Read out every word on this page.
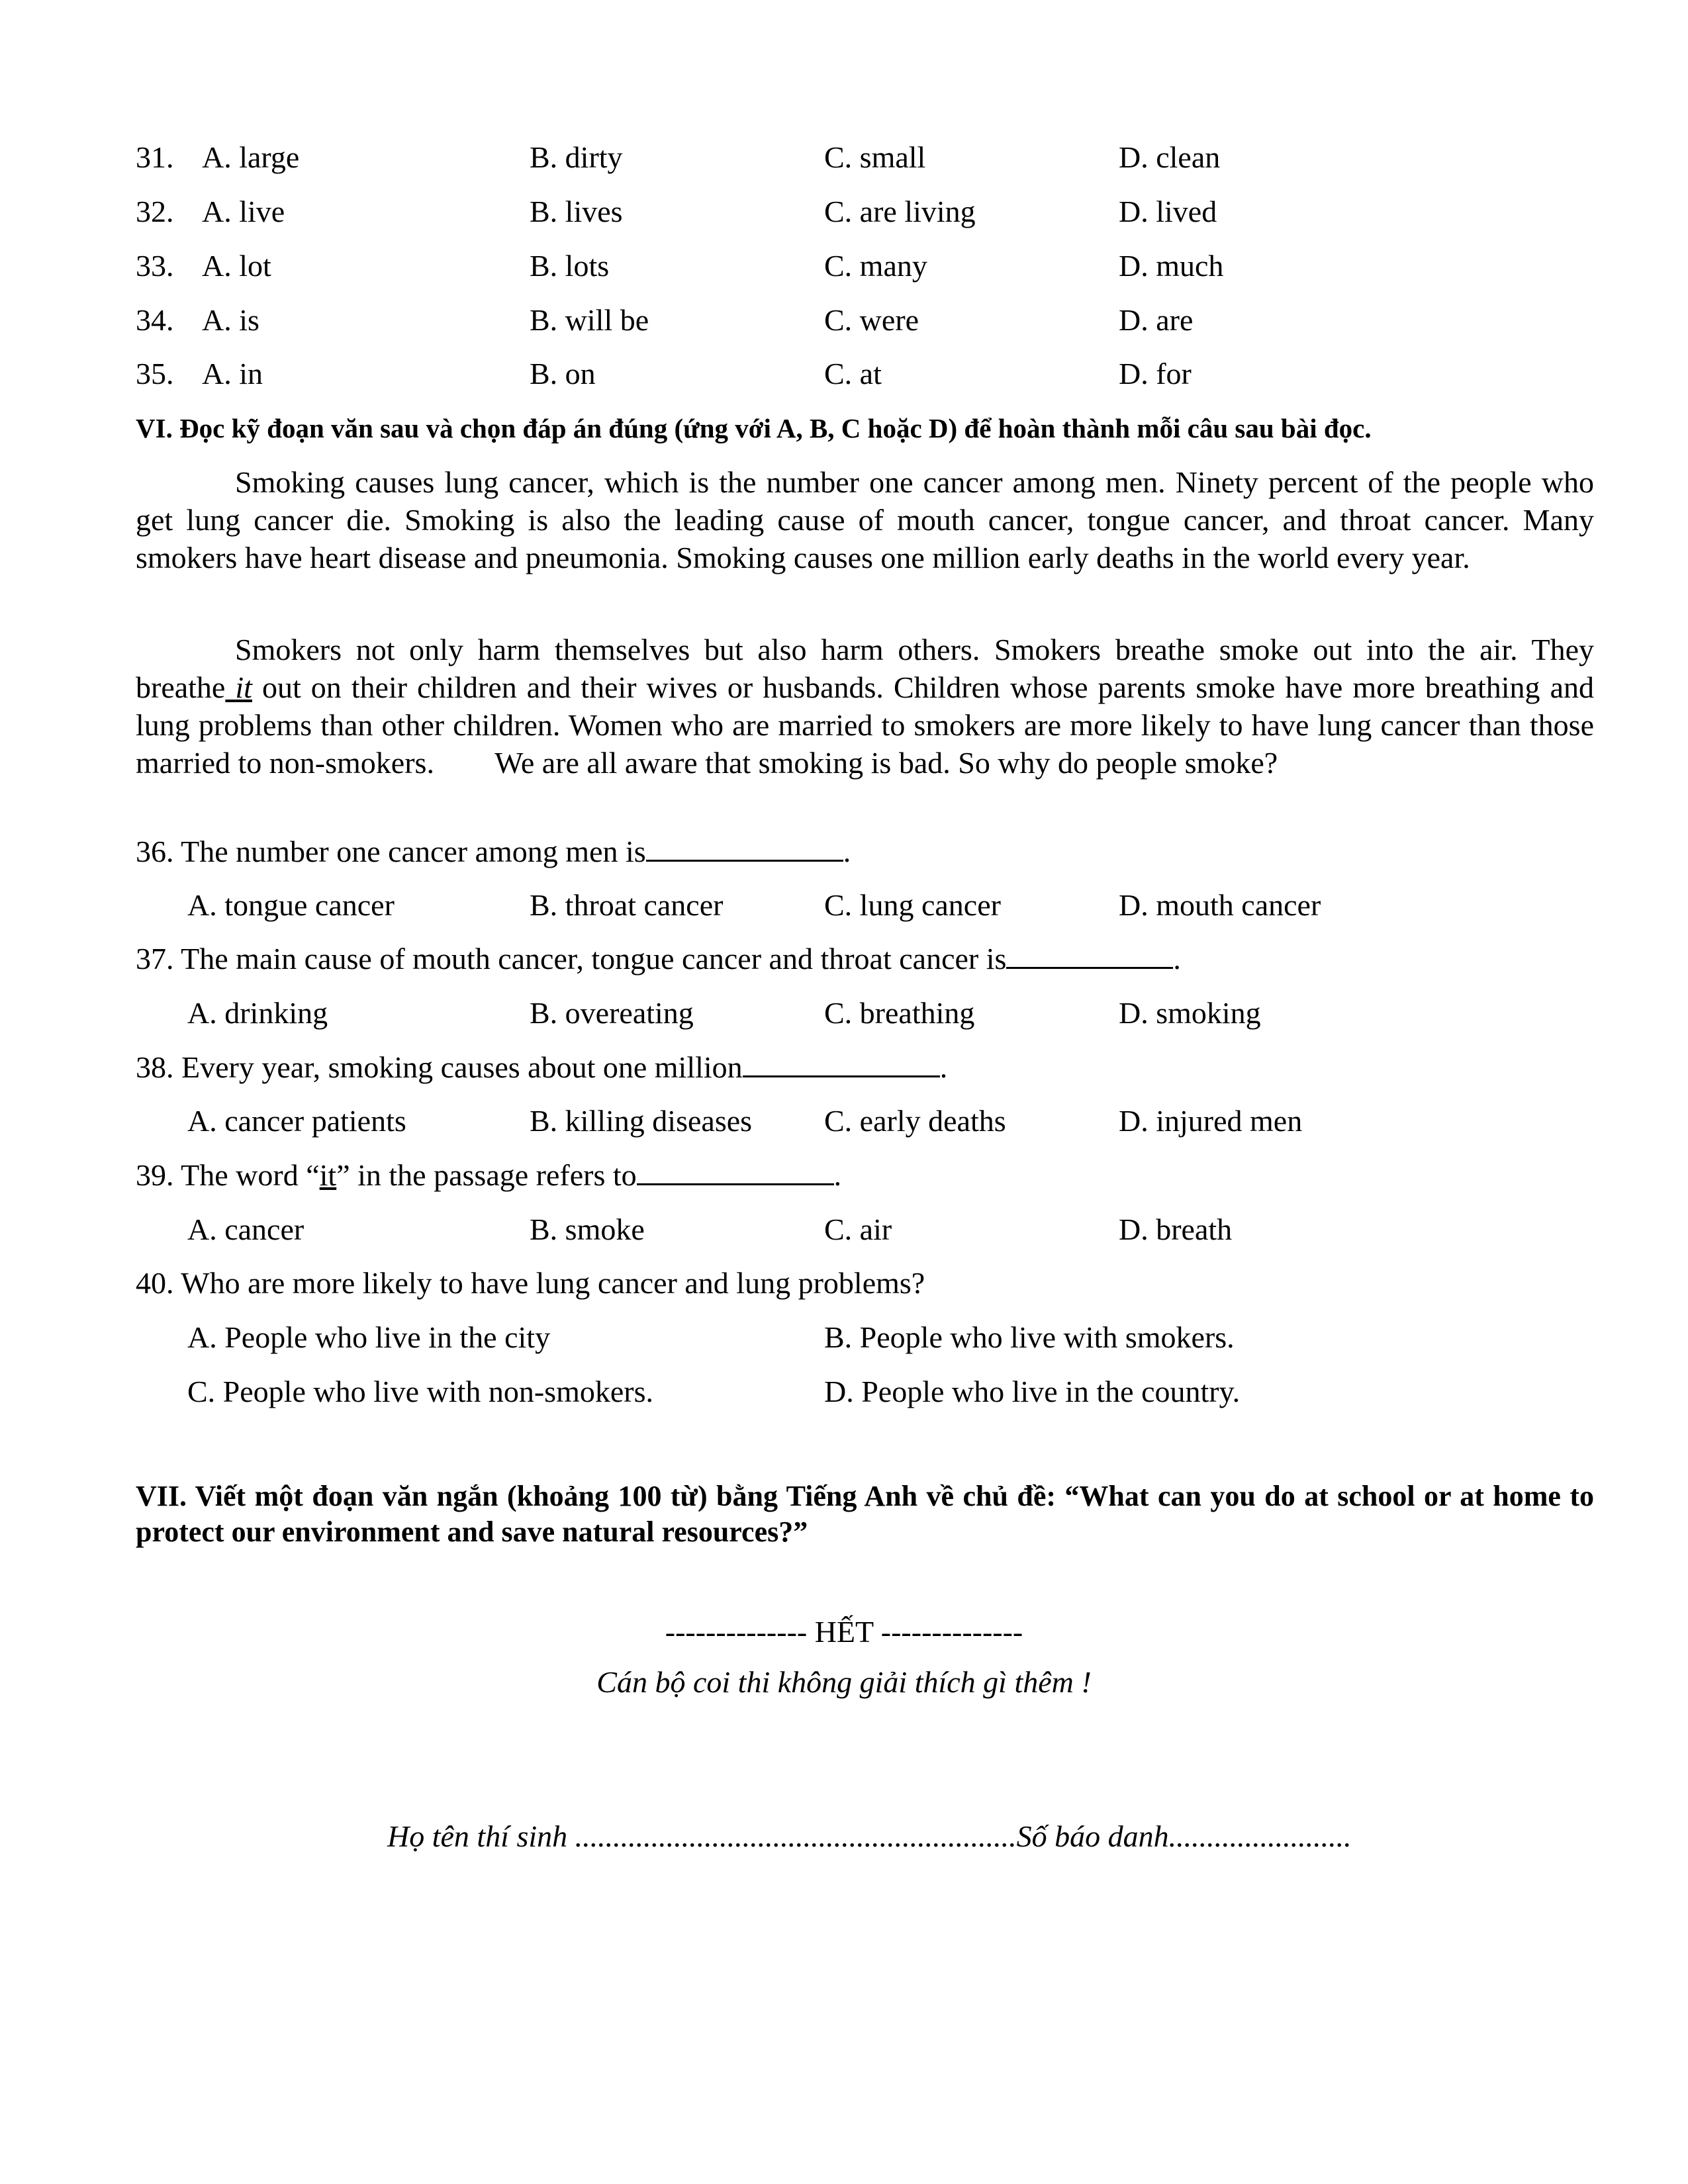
31. A. large	B. dirty	C. small	D. clean
32. A. live	B. lives	C. are living	D. lived
33. A. lot	B. lots	C. many	D. much
34. A. is	B. will be	C. were	D. are
35. A. in	B. on	C. at	D. for
VI. Đọc kỹ đoạn văn sau và chọn đáp án đúng (ứng với A, B, C hoặc D) để hoàn thành mỗi câu sau bài đọc.
Smoking causes lung cancer, which is the number one cancer among men. Ninety percent of the people who get lung cancer die. Smoking is also the leading cause of mouth cancer, tongue cancer, and throat cancer. Many smokers have heart disease and pneumonia. Smoking causes one million early deaths in the world every year.
Smokers not only harm themselves but also harm others. Smokers breathe smoke out into the air. They breathe it out on their children and their wives or husbands. Children whose parents smoke have more breathing and lung problems than other children. Women who are married to smokers are more likely to have lung cancer than those married to non-smokers. We are all aware that smoking is bad. So why do people smoke?
36. The number one cancer among men is	.
A. tongue cancer	B. throat cancer	C. lung cancer	D. mouth cancer
37. The main cause of mouth cancer, tongue cancer and throat cancer is	.
A. drinking	B. overeating	C. breathing	D. smoking
38. Every year, smoking causes about one million	.
A. cancer patients	B. killing diseases C. early deaths	D. injured men
39. The word “it” in the passage refers to	.
A. cancer	B. smoke	C. air	D. breath
40. Who are more likely to have lung cancer and lung problems?
A. People who live in the city	B. People who live with smokers.
C. People who live with non-smokers.	D. People who live in the country.
VII. Viết một đoạn văn ngắn (khoảng 100 từ) bằng Tiếng Anh về chủ đề: “What can you do at school or at home to protect our environment and save natural resources?”
-------------- HẾT --------------
Cán bộ coi thi không giải thích gì thêm !
Họ tên thí sinh ..........................................................Số báo danh........................
